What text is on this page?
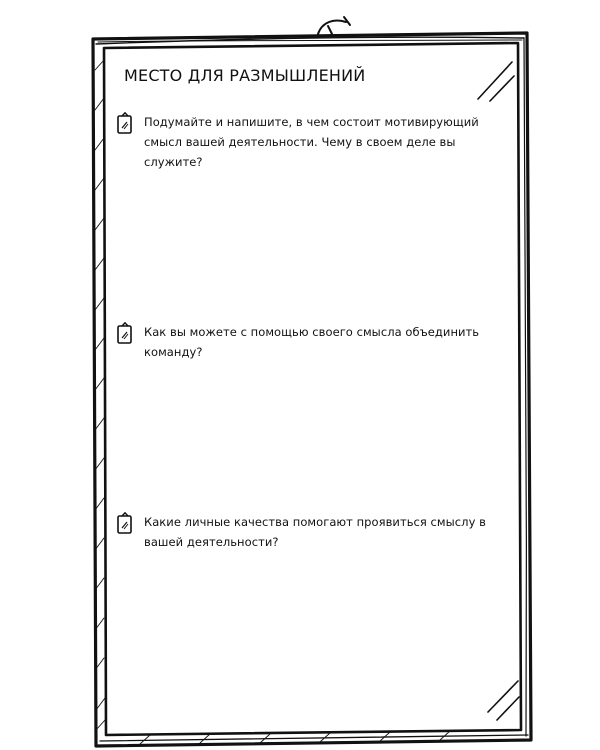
МЕСТО ДЛЯ РАЗМЫШЛЕНИЙ
Подумайте и напишите, в чем состоит мотивирующий смысл вашей деятельности. Чему в своем деле вы служите?
Как вы можете с помощью своего смысла объединить команду?
Какие личные качества помогают проявиться смыслу в вашей деятельности?
